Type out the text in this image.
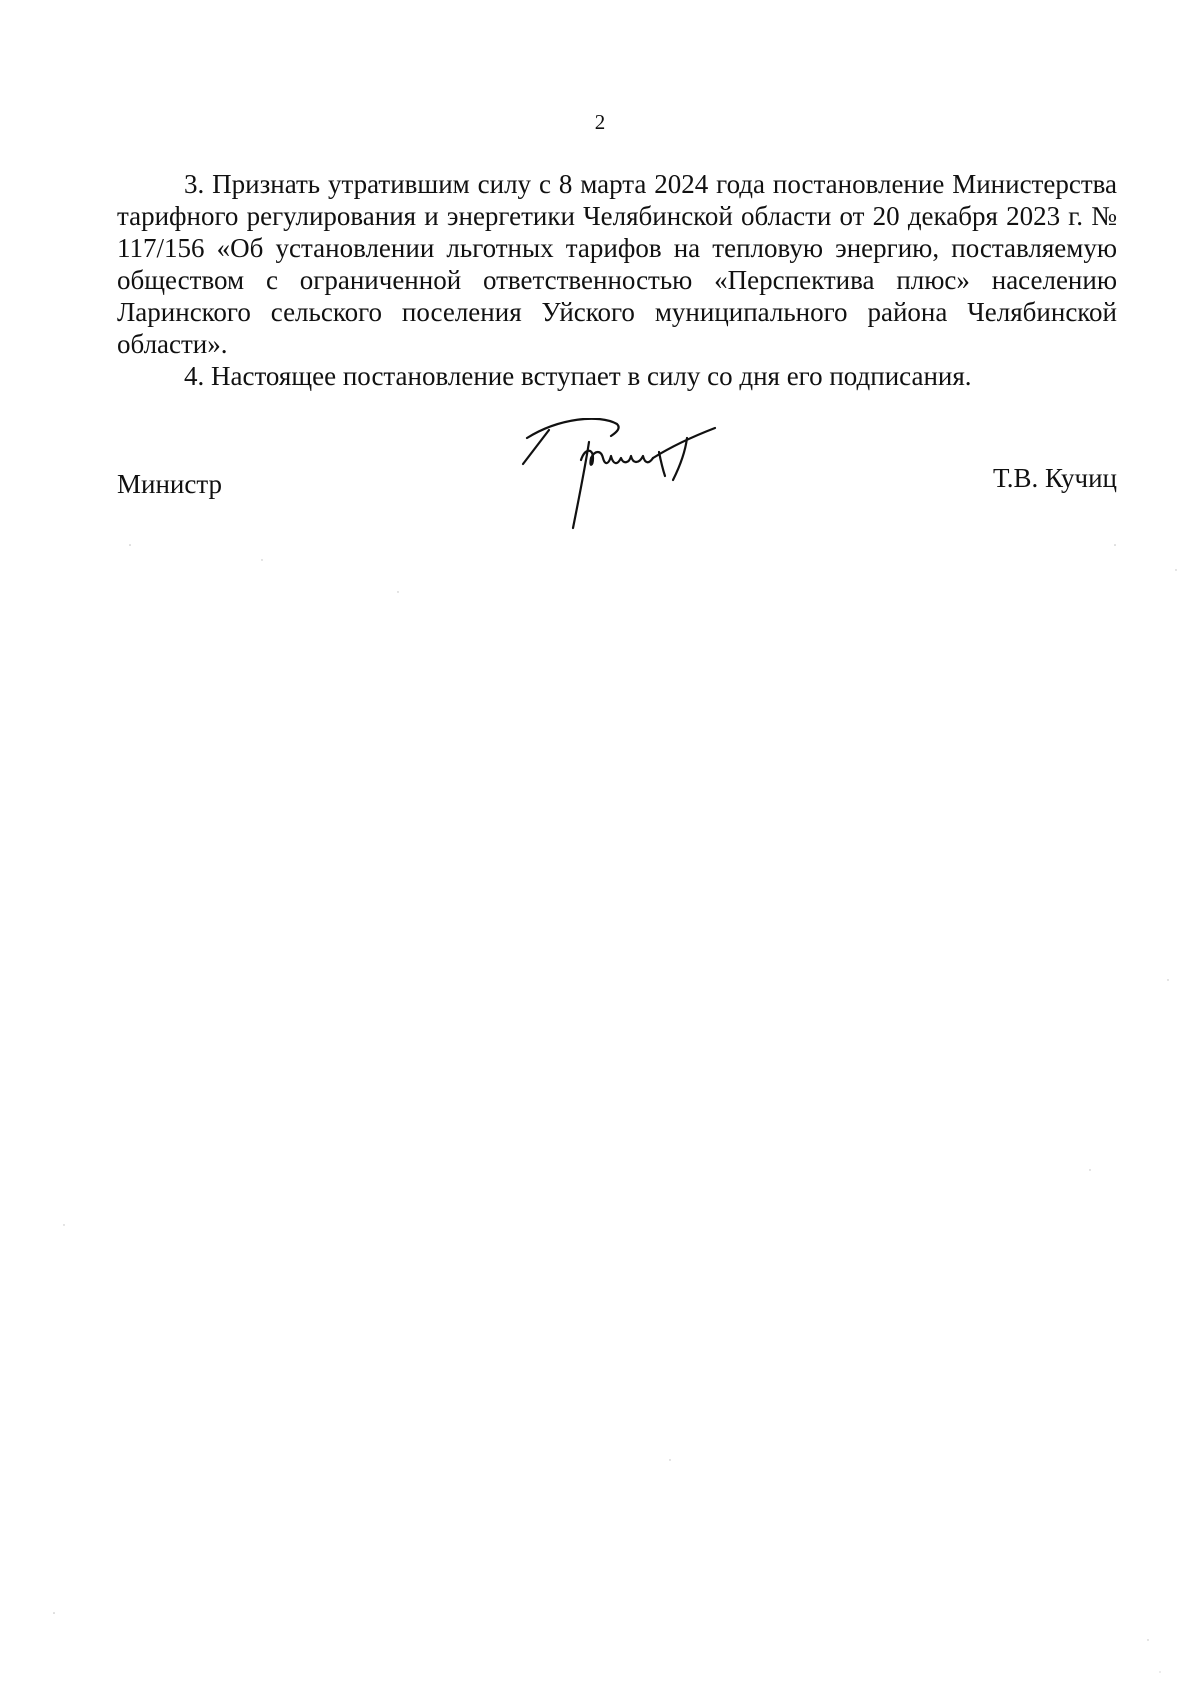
2

3. Признать утратившим силу с 8 марта 2024 года постановление Министерства тарифного регулирования и энергетики Челябинской области от 20 декабря 2023 г. № 117/156 «Об установлении льготных тарифов на тепловую энергию, поставляемую обществом с ограниченной ответственностью «Перспектива плюс» населению Ларинского сельского поселения Уйского муниципального района Челябинской области».

4. Настоящее постановление вступает в силу со дня его подписания.

Министр	Т.В. Кучиц
